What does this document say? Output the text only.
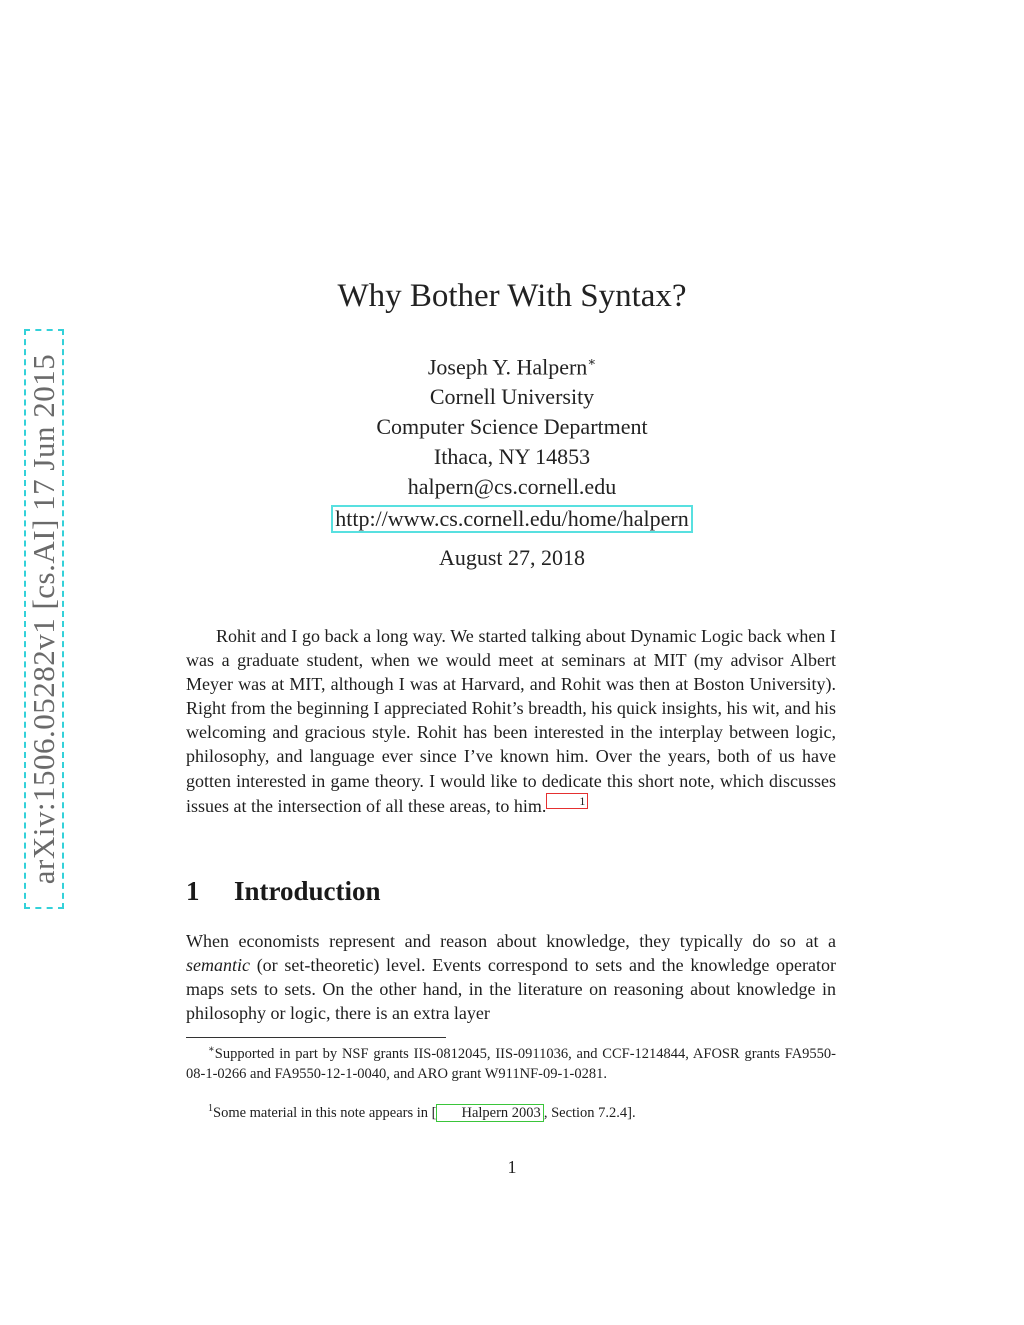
arXiv:1506.05282v1 [cs.AI] 17 Jun 2015
Why Bother With Syntax?
Joseph Y. Halpern∗
Cornell University
Computer Science Department
Ithaca, NY 14853
halpern@cs.cornell.edu
http://www.cs.cornell.edu/home/halpern
August 27, 2018
Rohit and I go back a long way. We started talking about Dynamic Logic back when I was a graduate student, when we would meet at seminars at MIT (my advisor Albert Meyer was at MIT, although I was at Harvard, and Rohit was then at Boston University). Right from the beginning I appreciated Rohit’s breadth, his quick insights, his wit, and his welcoming and gracious style. Rohit has been interested in the interplay between logic, philosophy, and language ever since I’ve known him. Over the years, both of us have gotten interested in game theory. I would like to dedicate this short note, which discusses issues at the intersection of all these areas, to him.	1
1 Introduction
When economists represent and reason about knowledge, they typically do so at a semantic (or set-theoretic) level. Events correspond to sets and the knowledge operator maps sets to sets. On the other hand, in the literature on reasoning about knowledge in philosophy or logic, there is an extra layer
∗Supported in part by NSF grants IIS-0812045, IIS-0911036, and CCF-1214844, AFOSR grants FA9550-08-1-0266 and FA9550-12-1-0040, and ARO grant W911NF-09-1-0281.
$^1$Some material in this note appears in [ Halpern 2003 , Section 7.2.4].
1
